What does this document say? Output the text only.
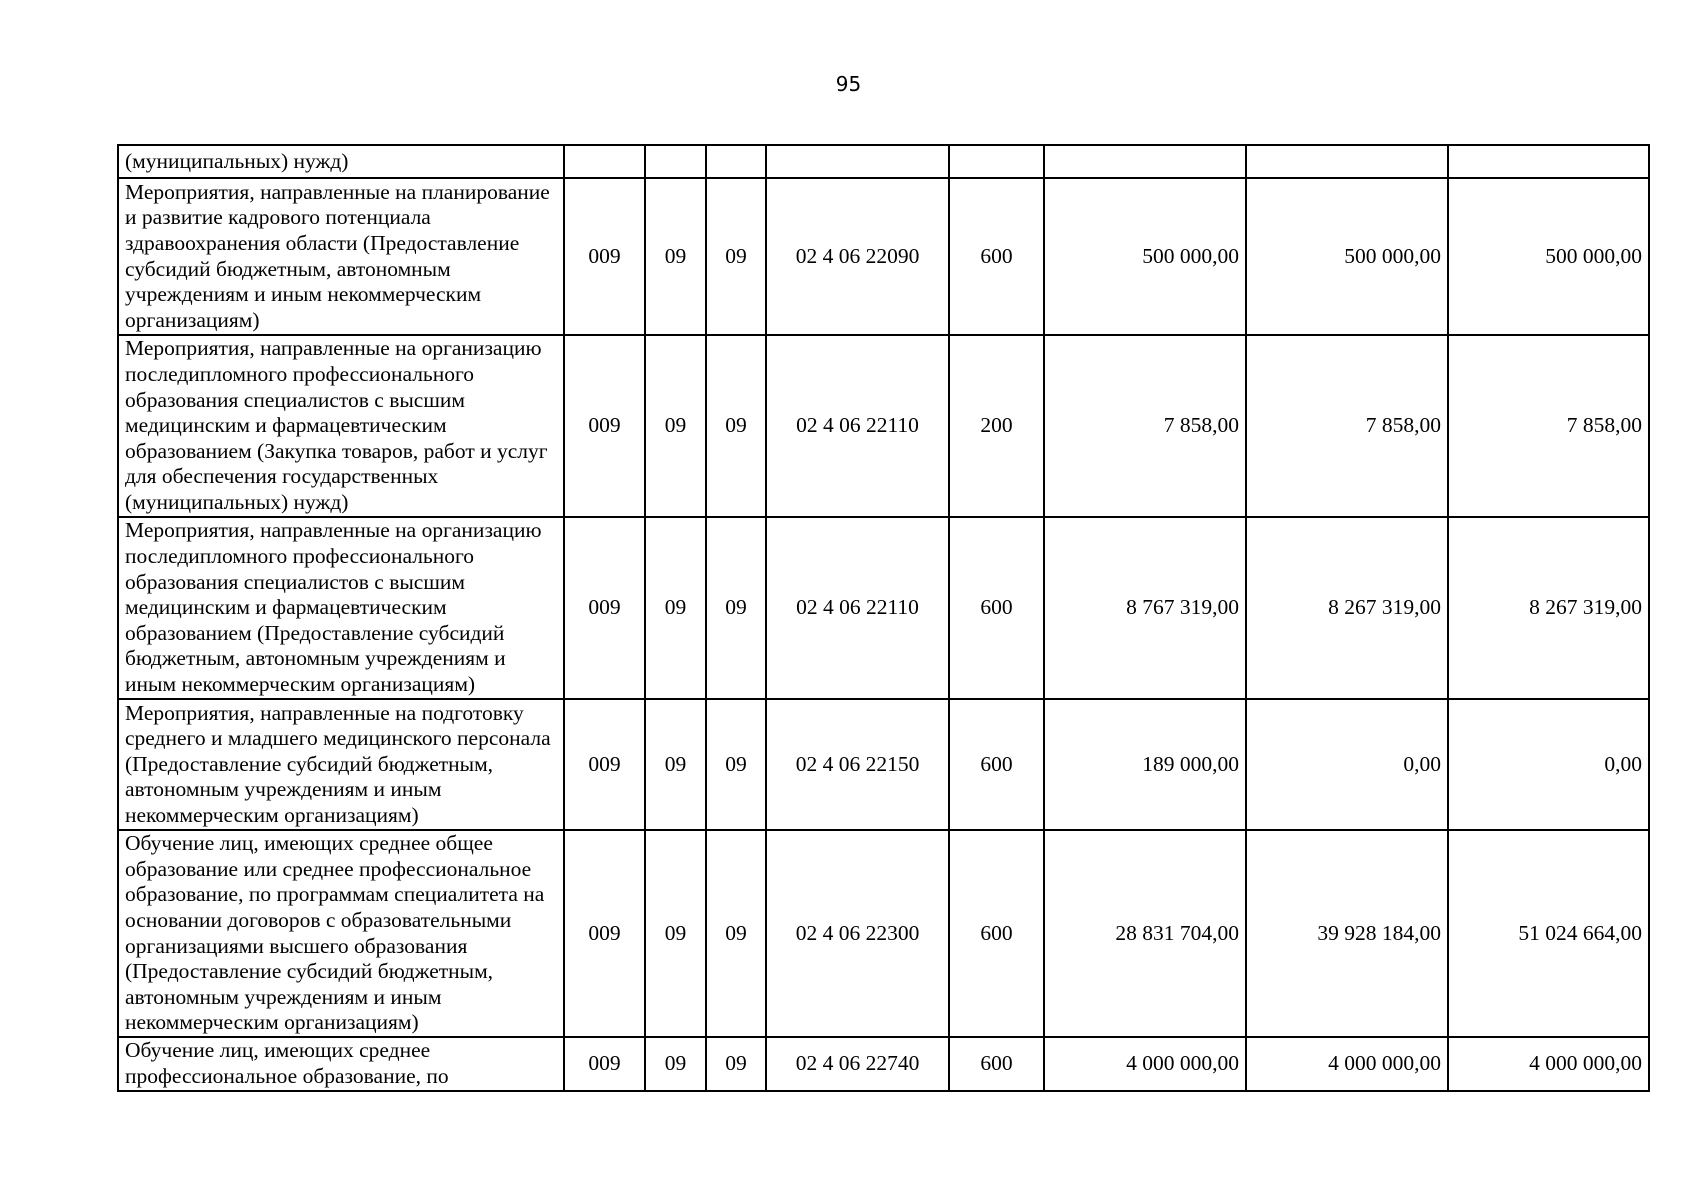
95
(муниципальных) нужд)								

Мероприятия, направленные на планирование и развитие кадрового потенциала здравоохранения области (Предоставление субсидий бюджетным, автономным учреждениям и иным некоммерческим организациям)	009	09	09	02 4 06 22090	600	500 000,00	500 000,00	500 000,00

Мероприятия, направленные на организацию последипломного профессионального образования специалистов с высшим медицинским и фармацевтическим образованием (Закупка товаров, работ и услуг для обеспечения государственных (муниципальных) нужд)	009	09	09	02 4 06 22110	200	7 858,00	7 858,00	7 858,00

Мероприятия, направленные на организацию последипломного профессионального образования специалистов с высшим медицинским и фармацевтическим образованием (Предоставление субсидий бюджетным, автономным учреждениям и иным некоммерческим организациям)	009	09	09	02 4 06 22110	600	8 767 319,00	8 267 319,00	8 267 319,00

Мероприятия, направленные на подготовку среднего и младшего медицинского персонала (Предоставление субсидий бюджетным, автономным учреждениям и иным некоммерческим организациям)	009	09	09	02 4 06 22150	600	189 000,00	0,00	0,00

Обучение лиц, имеющих среднее общее образование или среднее профессиональное образование, по программам специалитета на основании договоров с образовательными организациями высшего образования (Предоставление субсидий бюджетным, автономным учреждениям и иным некоммерческим организациям)	009	09	09	02 4 06 22300	600	28 831 704,00	39 928 184,00	51 024 664,00

Обучение лиц, имеющих среднее профессиональное образование, по	009	09	09	02 4 06 22740	600	4 000 000,00	4 000 000,00	4 000 000,00
